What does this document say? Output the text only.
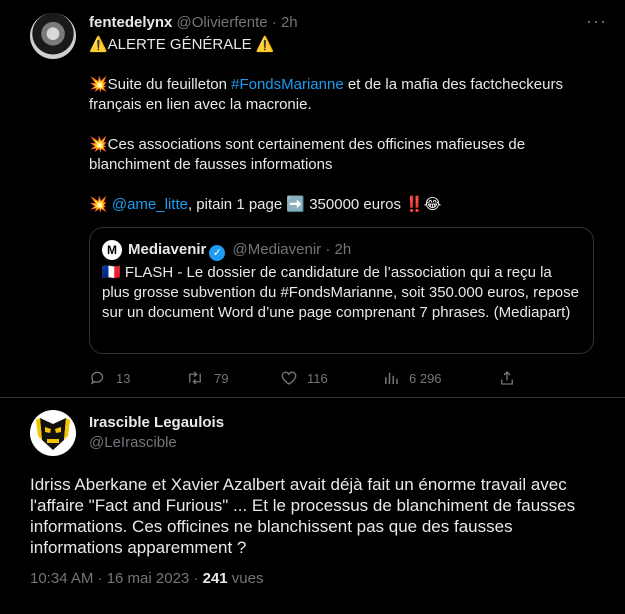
fentedelynx @Olivierfente · 2h	···

⚠️ALERTE GÉNÉRALE ⚠️

💥Suite du feuilleton #FondsMarianne et de la mafia des factcheckeurs français en lien avec la macronie.

💥Ces associations sont certainement des officines mafieuses de blanchiment de fausses informations

💥 @ame_litte, pitain 1 page ➡️ 350000 euros ‼️😂

M Mediavenir ✓ @Mediavenir · 2h
🇫🇷 FLASH - Le dossier de candidature de l’association qui a reçu la plus grosse subvention du #FondsMarianne, soit 350.000 euros, repose sur un document Word d’une page comprenant 7 phrases. (Mediapart)
13	79	116	6 296
Irascible Legaulois
@LeIrascible
Idriss Aberkane et Xavier Azalbert avait déjà fait un énorme travail avec l'affaire "Fact and Furious" ... Et le processus de blanchiment de fausses informations. Ces officines ne blanchissent pas que des fausses informations apparemment ?
10:34 AM · 16 mai 2023 · 241 vues
